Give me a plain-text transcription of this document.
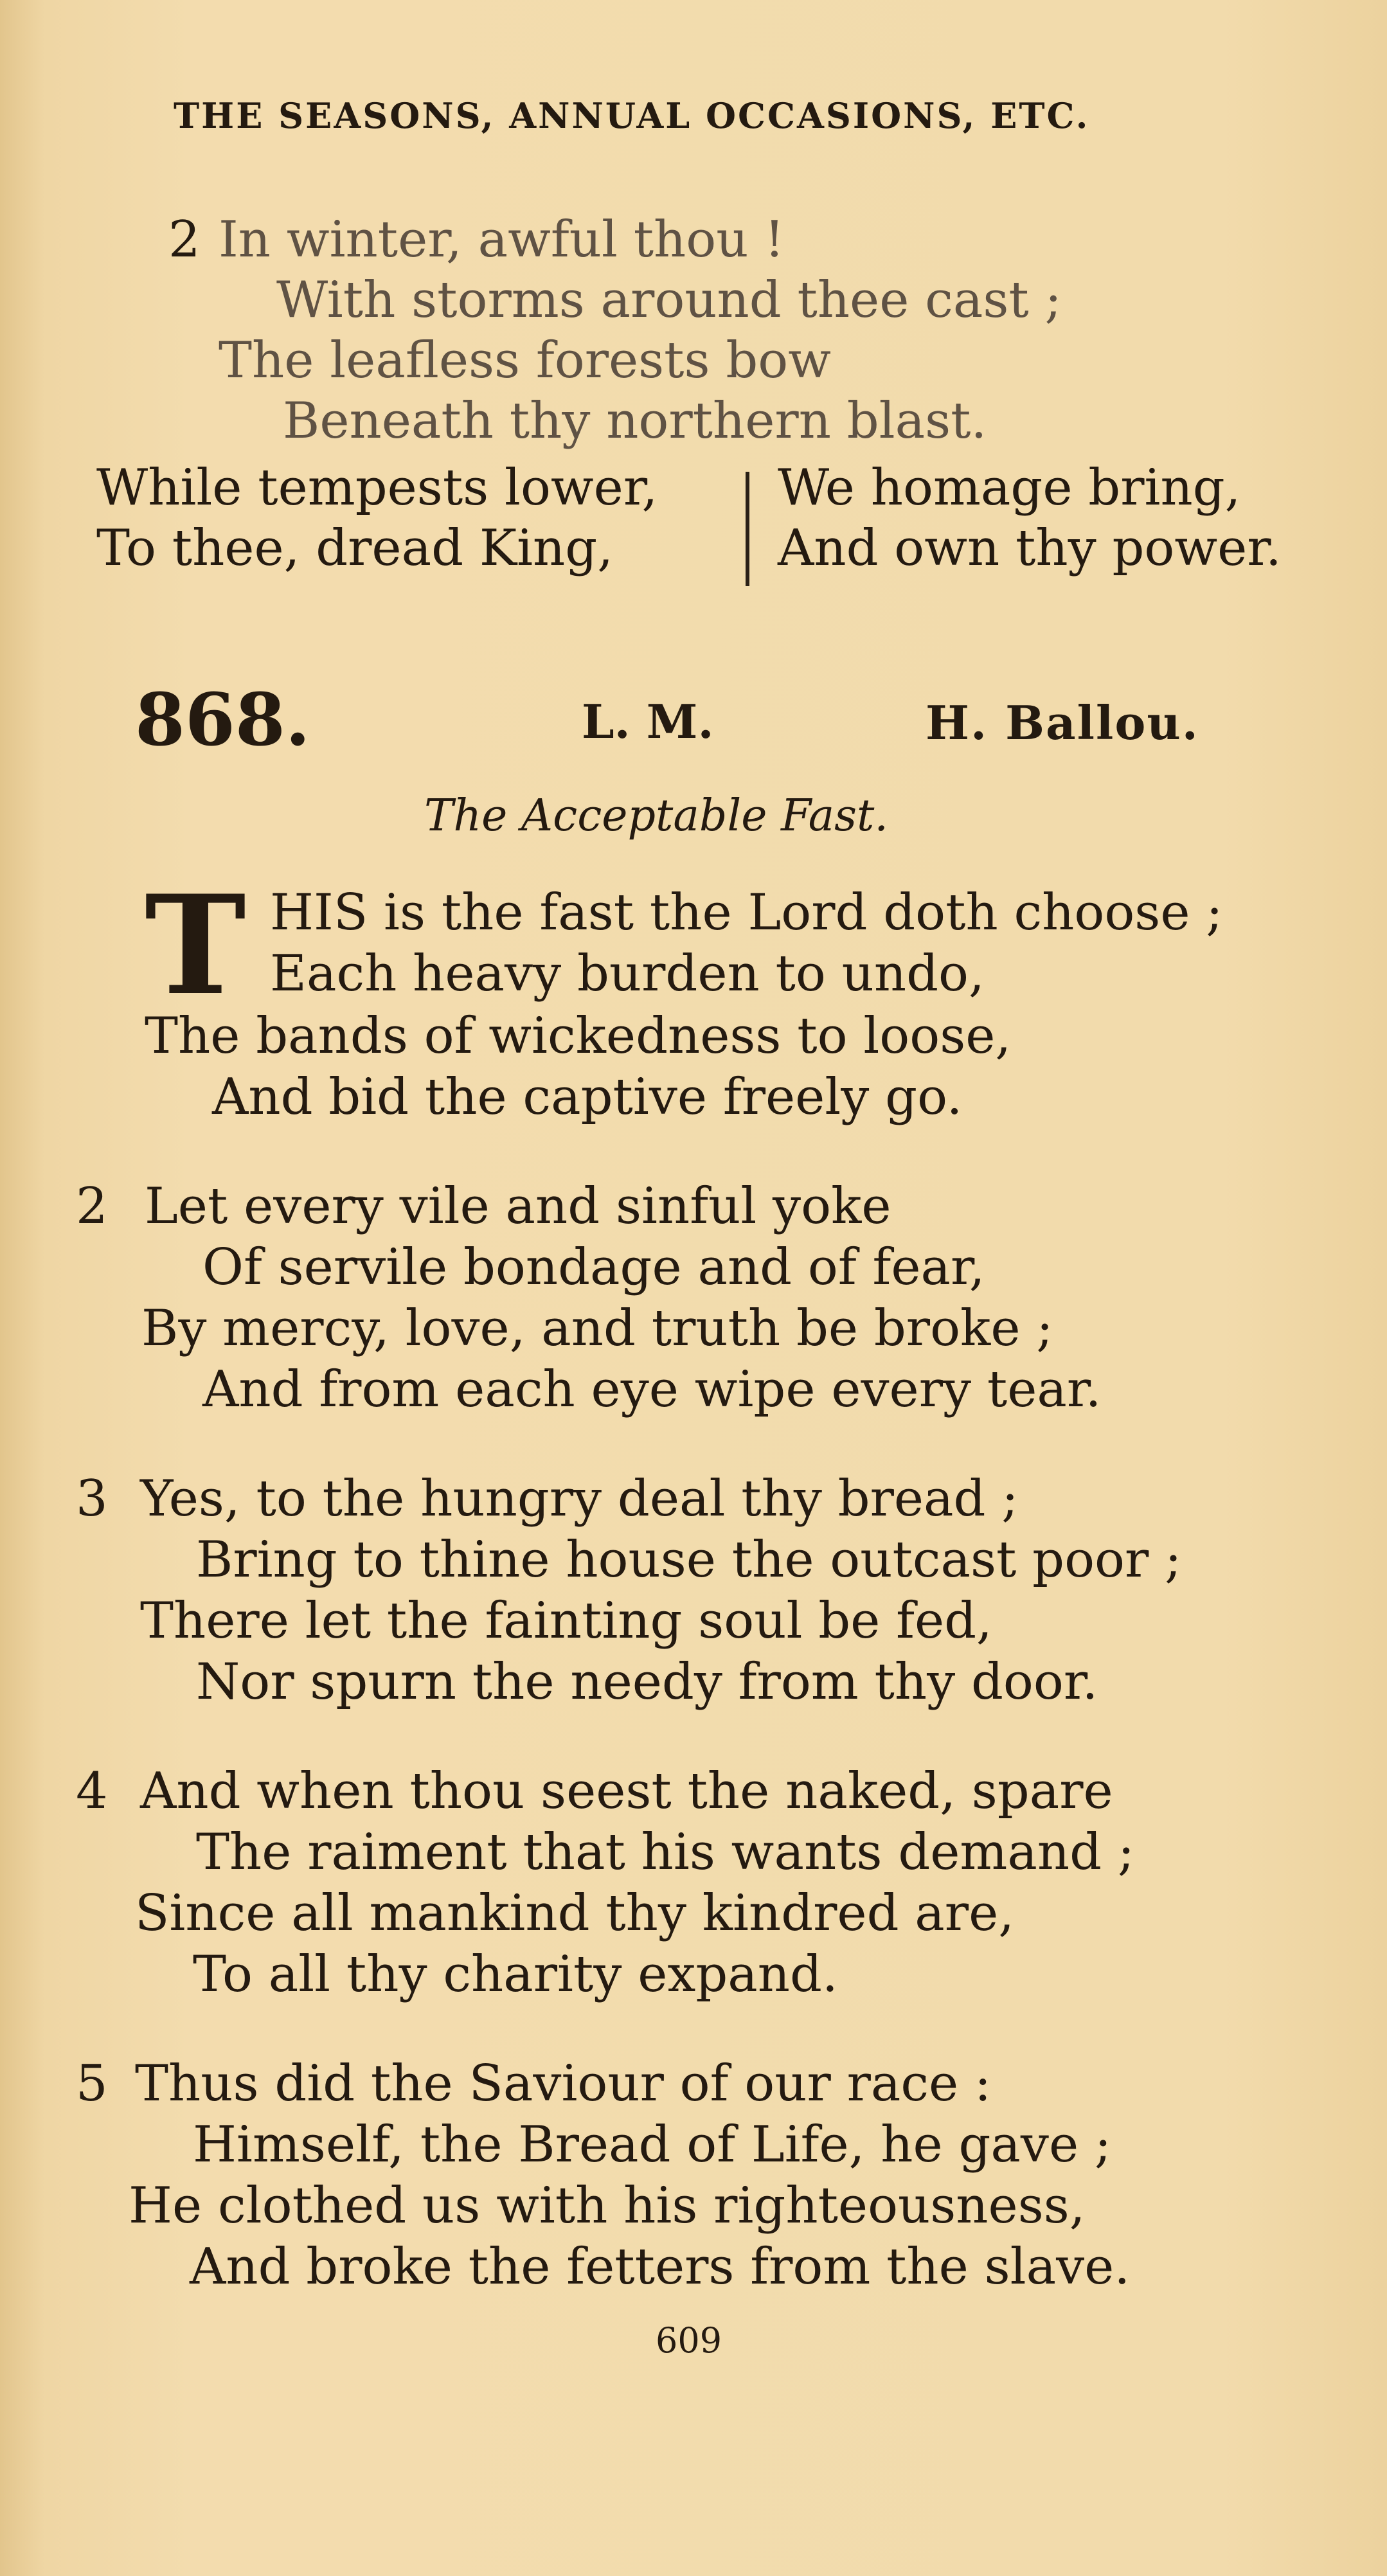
THE SEASONS, ANNUAL OCCASIONS, ETC.
2 In winter, awful thou !
With storms around thee cast ;
The leafless forests bow
Beneath thy northern blast.
While tempests lower,
To thee, dread King,
We homage bring,
And own thy power.
868.	L. M.	H. Ballou.
The Acceptable Fast.
T HIS is the fast the Lord doth choose ;
Each heavy burden to undo,
The bands of wickedness to loose,
And bid the captive freely go.
2 Let every vile and sinful yoke
Of servile bondage and of fear,
By mercy, love, and truth be broke ;
And from each eye wipe every tear.
3 Yes, to the hungry deal thy bread ;
Bring to thine house the outcast poor ;
There let the fainting soul be fed,
Nor spurn the needy from thy door.
4 And when thou seest the naked, spare
The raiment that his wants demand ;
Since all mankind thy kindred are,
To all thy charity expand.
5 Thus did the Saviour of our race :
Himself, the Bread of Life, he gave ;
He clothed us with his righteousness,
And broke the fetters from the slave.
609
